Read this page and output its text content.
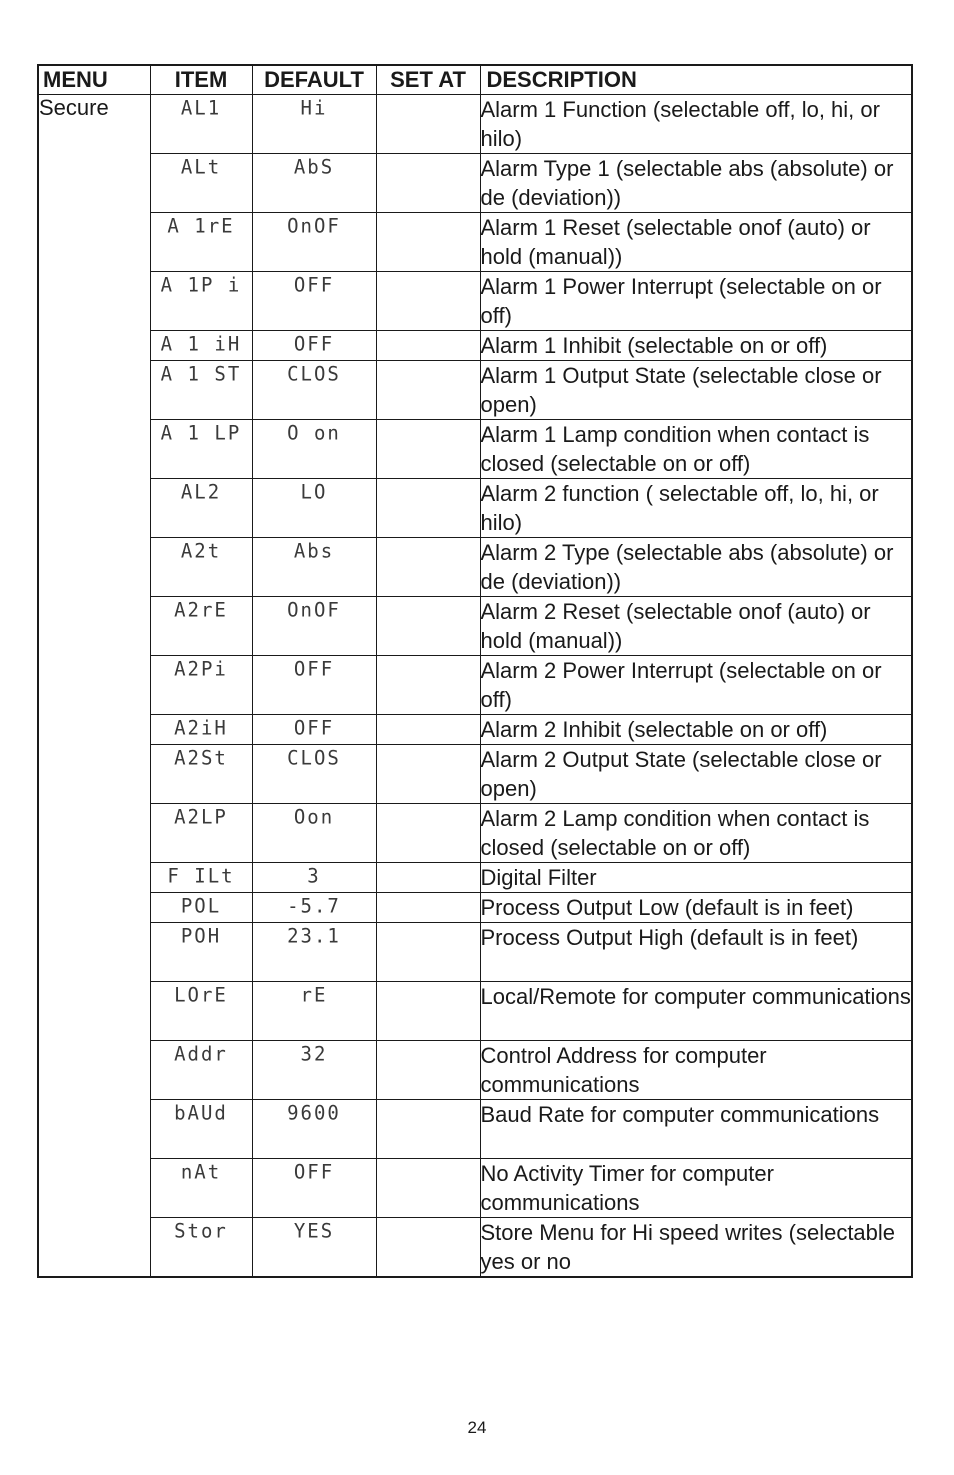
MENU	ITEM	DEFAULT	SET AT	DESCRIPTION
Secure	AL1	Hi		Alarm 1 Function (selectable off, lo, hi, or hilo)
	ALt	AbS		Alarm Type 1 (selectable abs (absolute) or de (deviation))
	A 1rE	OnOF		Alarm 1 Reset (selectable onof (auto) or hold (manual))
	A 1P i	OFF		Alarm 1 Power Interrupt (selectable on or off)
	A 1 iH	OFF		Alarm 1 Inhibit (selectable on or off)
	A 1 ST	CLOS		Alarm 1 Output State (selectable close or open)
	A 1 LP	O on		Alarm 1 Lamp condition when contact is closed (selectable on or off)
	AL2	LO		Alarm 2 function ( selectable off, lo, hi, or hilo)
	A2t	Abs		Alarm 2 Type (selectable abs (absolute) or de (deviation))
	A2rE	OnOF		Alarm 2 Reset (selectable onof (auto) or hold (manual))
	A2Pi	OFF		Alarm 2 Power Interrupt (selectable on or off)
	A2iH	OFF		Alarm 2 Inhibit (selectable on or off)
	A2St	CLOS		Alarm 2 Output State (selectable close or open)
	A2LP	Oon		Alarm 2 Lamp condition when contact is closed (selectable on or off)
	F ILt	3		Digital Filter
	POL	-5.7		Process Output Low (default is in feet)
	POH	23.1		Process Output High (default is in feet)
	LOrE	rE		Local/Remote for computer communications
	Addr	32		Control Address for computer communications
	bAUd	9600		Baud Rate for computer communications
	nAt	OFF		No Activity Timer for computer communications
	Stor	YES		Store Menu for Hi speed writes (selectable yes or no
24
